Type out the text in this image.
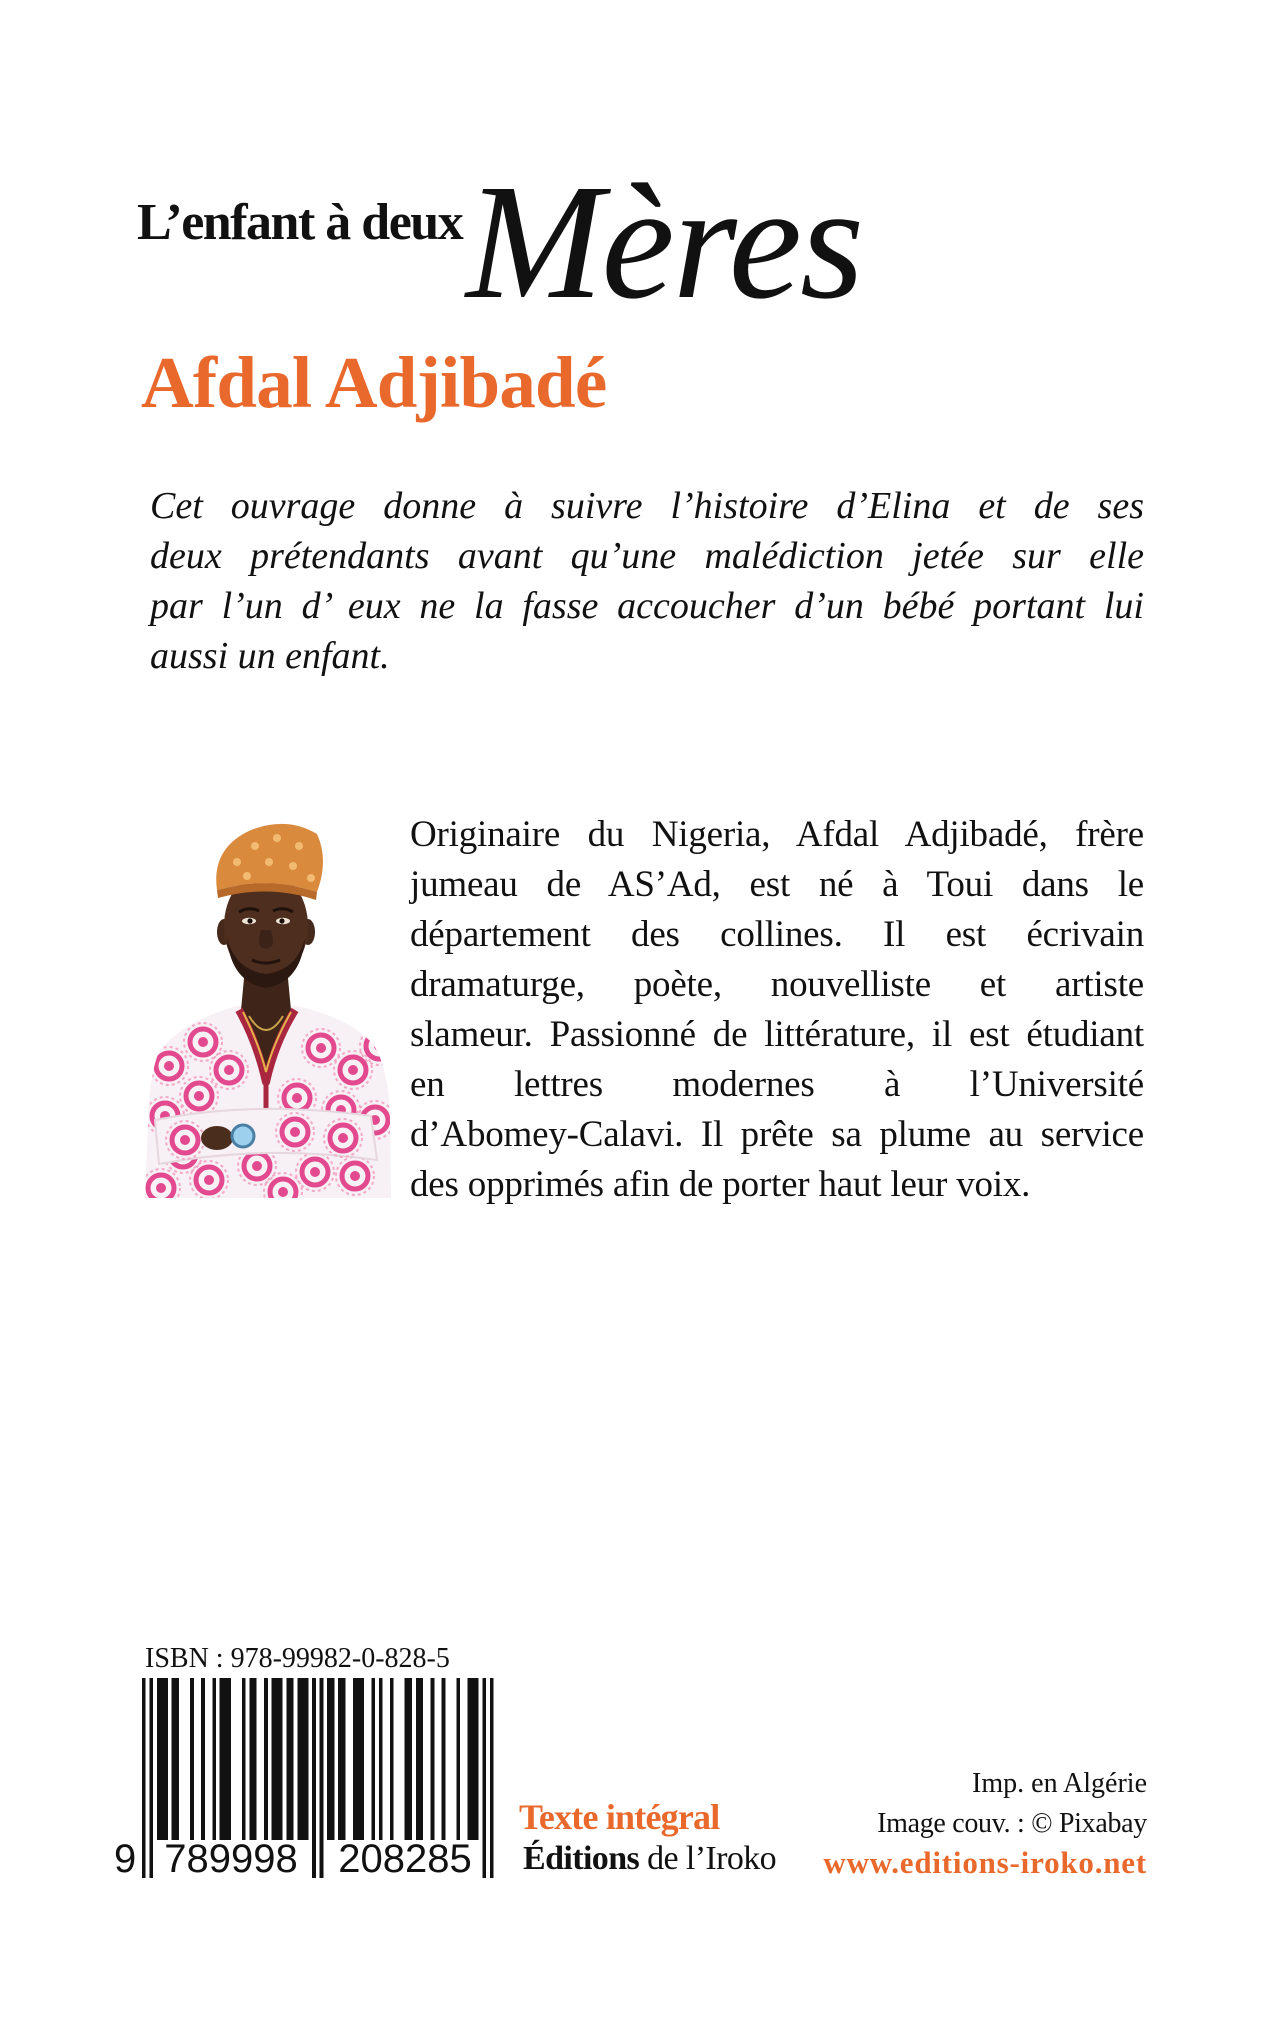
L’enfant à deux Mères
Afdal Adjibadé
Cet ouvrage donne à suivre l’histoire d’Elina et de ses
deux prétendants avant qu’une malédiction jetée sur elle
par l’un d’ eux ne la fasse accoucher d’un bébé portant lui
aussi un enfant.
Originaire du Nigeria, Afdal Adjibadé, frère
jumeau de AS’Ad, est né à Toui dans le
département des collines. Il est écrivain
dramaturge, poète, nouvelliste et artiste
slameur. Passionné de littérature, il est étudiant
en lettres modernes à l’Université
d’Abomey-Calavi. Il prête sa plume au service
des opprimés afin de porter haut leur voix.
ISBN : 978-99982-0-828-5
9 789998 208285
Texte intégral
Éditions de l’Iroko
Imp. en Algérie
Image couv. : © Pixabay
www.editions-iroko.net
